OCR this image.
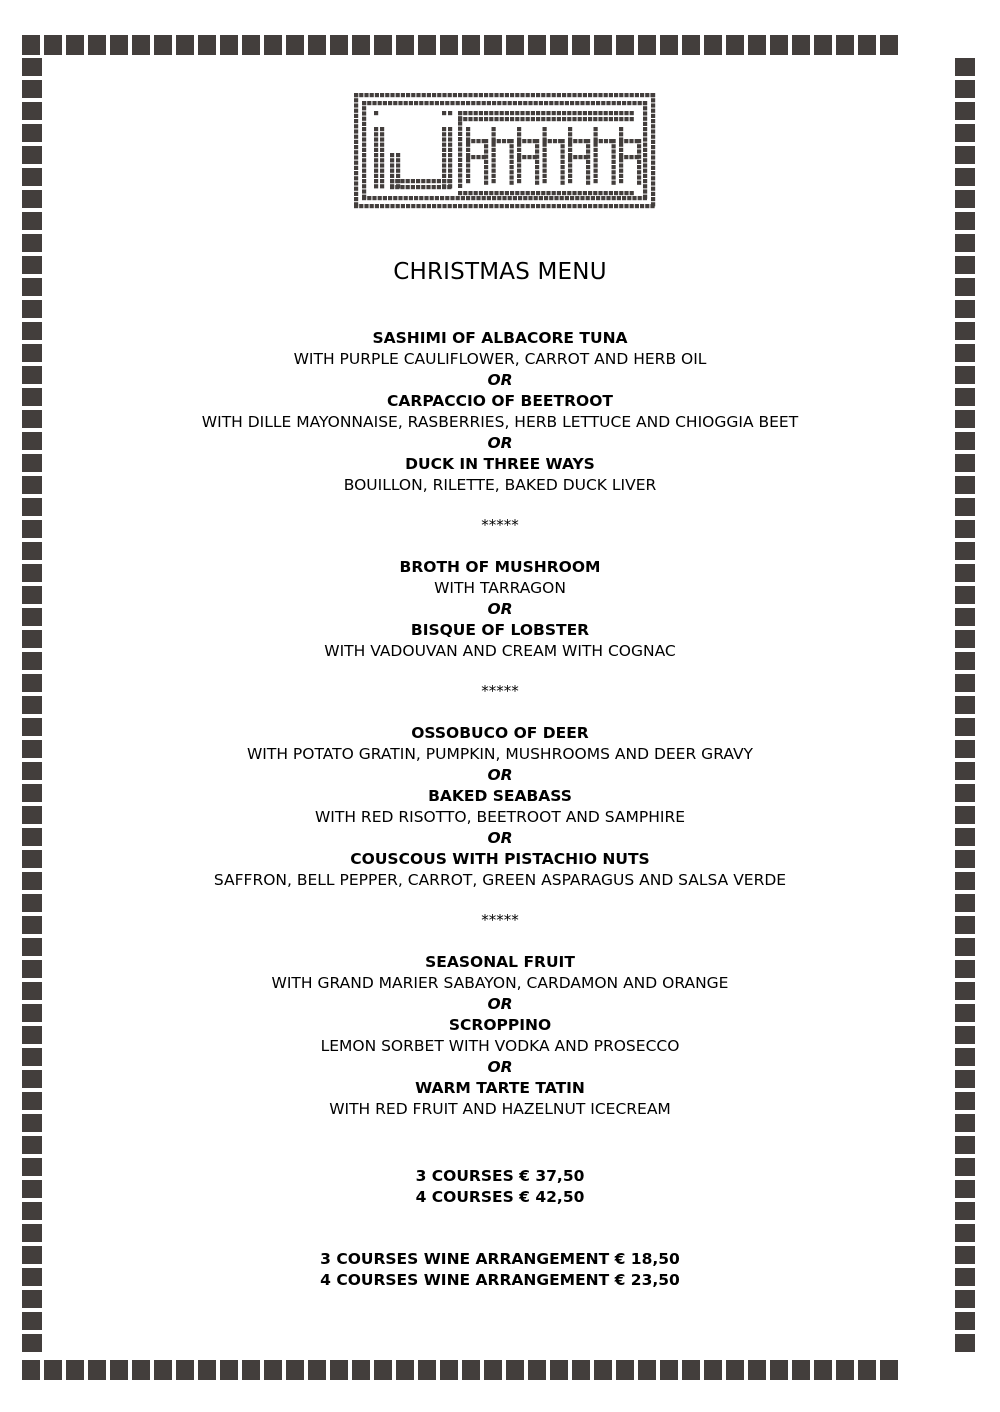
CHRISTMAS MENU
SASHIMI OF ALBACORE TUNA
WITH PURPLE CAULIFLOWER, CARROT AND HERB OIL
OR
CARPACCIO OF BEETROOT
WITH DILLE MAYONNAISE, RASBERRIES, HERB LETTUCE AND CHIOGGIA BEET
OR
DUCK IN THREE WAYS
BOUILLON, RILETTE, BAKED DUCK LIVER
*****
BROTH OF MUSHROOM
WITH TARRAGON
OR
BISQUE OF LOBSTER
WITH VADOUVAN AND CREAM WITH COGNAC
*****
OSSOBUCO OF DEER
WITH POTATO GRATIN, PUMPKIN, MUSHROOMS AND DEER GRAVY
OR
BAKED SEABASS
WITH RED RISOTTO, BEETROOT AND SAMPHIRE
OR
COUSCOUS WITH PISTACHIO NUTS
SAFFRON, BELL PEPPER, CARROT, GREEN ASPARAGUS AND SALSA VERDE
*****
SEASONAL FRUIT
WITH GRAND MARIER SABAYON, CARDAMON AND ORANGE
OR
SCROPPINO
LEMON SORBET WITH VODKA AND PROSECCO
OR
WARM TARTE TATIN
WITH RED FRUIT AND HAZELNUT ICECREAM
3 COURSES € 37,50
4 COURSES € 42,50
3 COURSES WINE ARRANGEMENT € 18,50
4 COURSES WINE ARRANGEMENT € 23,50
